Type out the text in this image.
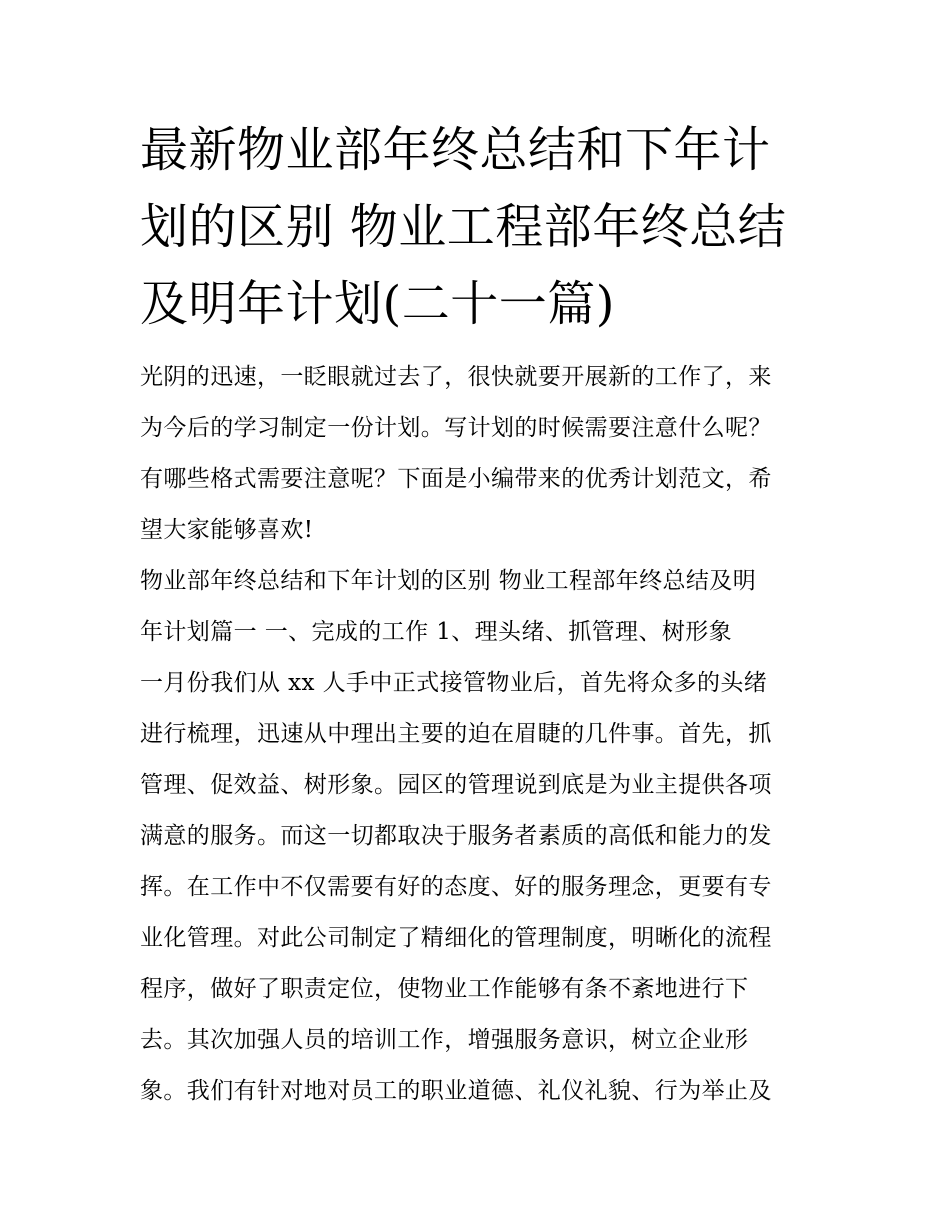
最新物业部年终总结和下年计
划的区别 物业工程部年终总结
及明年计划(二十一篇)
光阴的迅速，一眨眼就过去了，很快就要开展新的工作了，来
为今后的学习制定一份计划。写计划的时候需要注意什么呢？
有哪些格式需要注意呢？下面是小编带来的优秀计划范文，希
望大家能够喜欢!
物业部年终总结和下年计划的区别 物业工程部年终总结及明
年计划篇一 一、完成的工作 1、理头绪、抓管理、树形象
一月份我们从 xx 人手中正式接管物业后，首先将众多的头绪
进行梳理，迅速从中理出主要的迫在眉睫的几件事。首先，抓
管理、促效益、树形象。园区的管理说到底是为业主提供各项
满意的服务。而这一切都取决于服务者素质的高低和能力的发
挥。在工作中不仅需要有好的态度、好的服务理念，更要有专
业化管理。对此公司制定了精细化的管理制度，明晰化的流程
程序，做好了职责定位，使物业工作能够有条不紊地进行下
去。其次加强人员的培训工作，增强服务意识，树立企业形
象。我们有针对地对员工的职业道德、礼仪礼貌、行为举止及
